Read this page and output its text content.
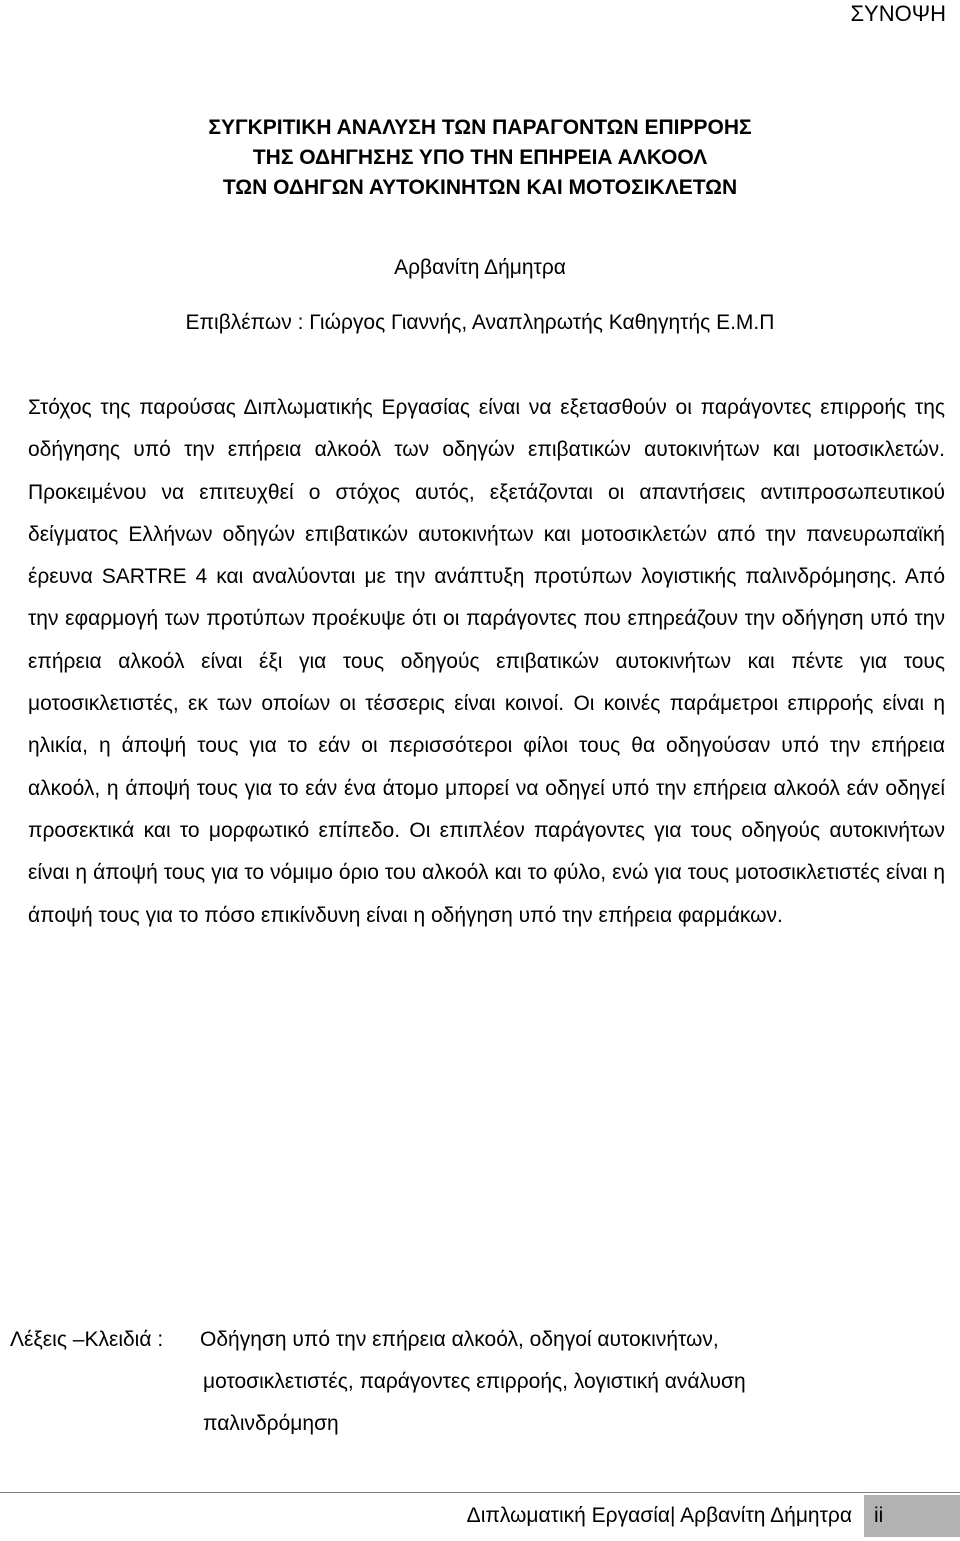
ΣΥΝΟΨΗ
ΣΥΓΚΡΙΤΙΚΗ ΑΝΑΛΥΣΗ ΤΩΝ ΠΑΡΑΓΟΝΤΩΝ ΕΠΙΡΡΟΗΣ
ΤΗΣ ΟΔΗΓΗΣΗΣ ΥΠΟ ΤΗΝ ΕΠΗΡΕΙΑ ΑΛΚΟΟΛ
ΤΩΝ ΟΔΗΓΩΝ ΑΥΤΟΚΙΝΗΤΩΝ ΚΑΙ ΜΟΤΟΣΙΚΛΕΤΩΝ
Αρβανίτη Δήμητρα
Επιβλέπων : Γιώργος Γιαννής, Αναπληρωτής Καθηγητής Ε.Μ.Π

Στόχος της παρούσας Διπλωματικής Εργασίας είναι να εξετασθούν οι παράγοντες επιρροής της οδήγησης υπό την επήρεια αλκοόλ των οδηγών επιβατικών αυτοκινήτων και μοτοσικλετών. Προκειμένου να επιτευχθεί ο στόχος αυτός, εξετάζονται οι απαντήσεις αντιπροσωπευτικού δείγματος Ελλήνων οδηγών επιβατικών αυτοκινήτων και μοτοσικλετών από την πανευρωπαϊκή έρευνα SARTRE 4 και αναλύονται με την ανάπτυξη προτύπων λογιστικής παλινδρόμησης. Από την εφαρμογή των προτύπων προέκυψε ότι οι παράγοντες που επηρεάζουν την οδήγηση υπό την επήρεια αλκοόλ είναι έξι για τους οδηγούς επιβατικών αυτοκινήτων και πέντε για τους μοτοσικλετιστές, εκ των οποίων οι τέσσερις είναι κοινοί. Οι κοινές παράμετροι επιρροής είναι η ηλικία, η άποψή τους για το εάν οι περισσότεροι φίλοι τους θα οδηγούσαν υπό την επήρεια αλκοόλ, η άποψή τους για το εάν ένα άτομο μπορεί να οδηγεί υπό την επήρεια αλκοόλ εάν οδηγεί προσεκτικά και το μορφωτικό επίπεδο. Οι επιπλέον παράγοντες για τους οδηγούς αυτοκινήτων είναι η άποψή τους για το νόμιμο όριο του αλκοόλ και το φύλο, ενώ για τους μοτοσικλετιστές είναι η άποψή τους για το πόσο επικίνδυνη είναι η οδήγηση υπό την επήρεια φαρμάκων.

Λέξεις –Κλειδιά : Οδήγηση υπό την επήρεια αλκοόλ, οδηγοί αυτοκινήτων,
μοτοσικλετιστές, παράγοντες επιρροής, λογιστική ανάλυση
παλινδρόμηση
Διπλωματική Εργασία| Αρβανίτη Δήμητρα	ii
